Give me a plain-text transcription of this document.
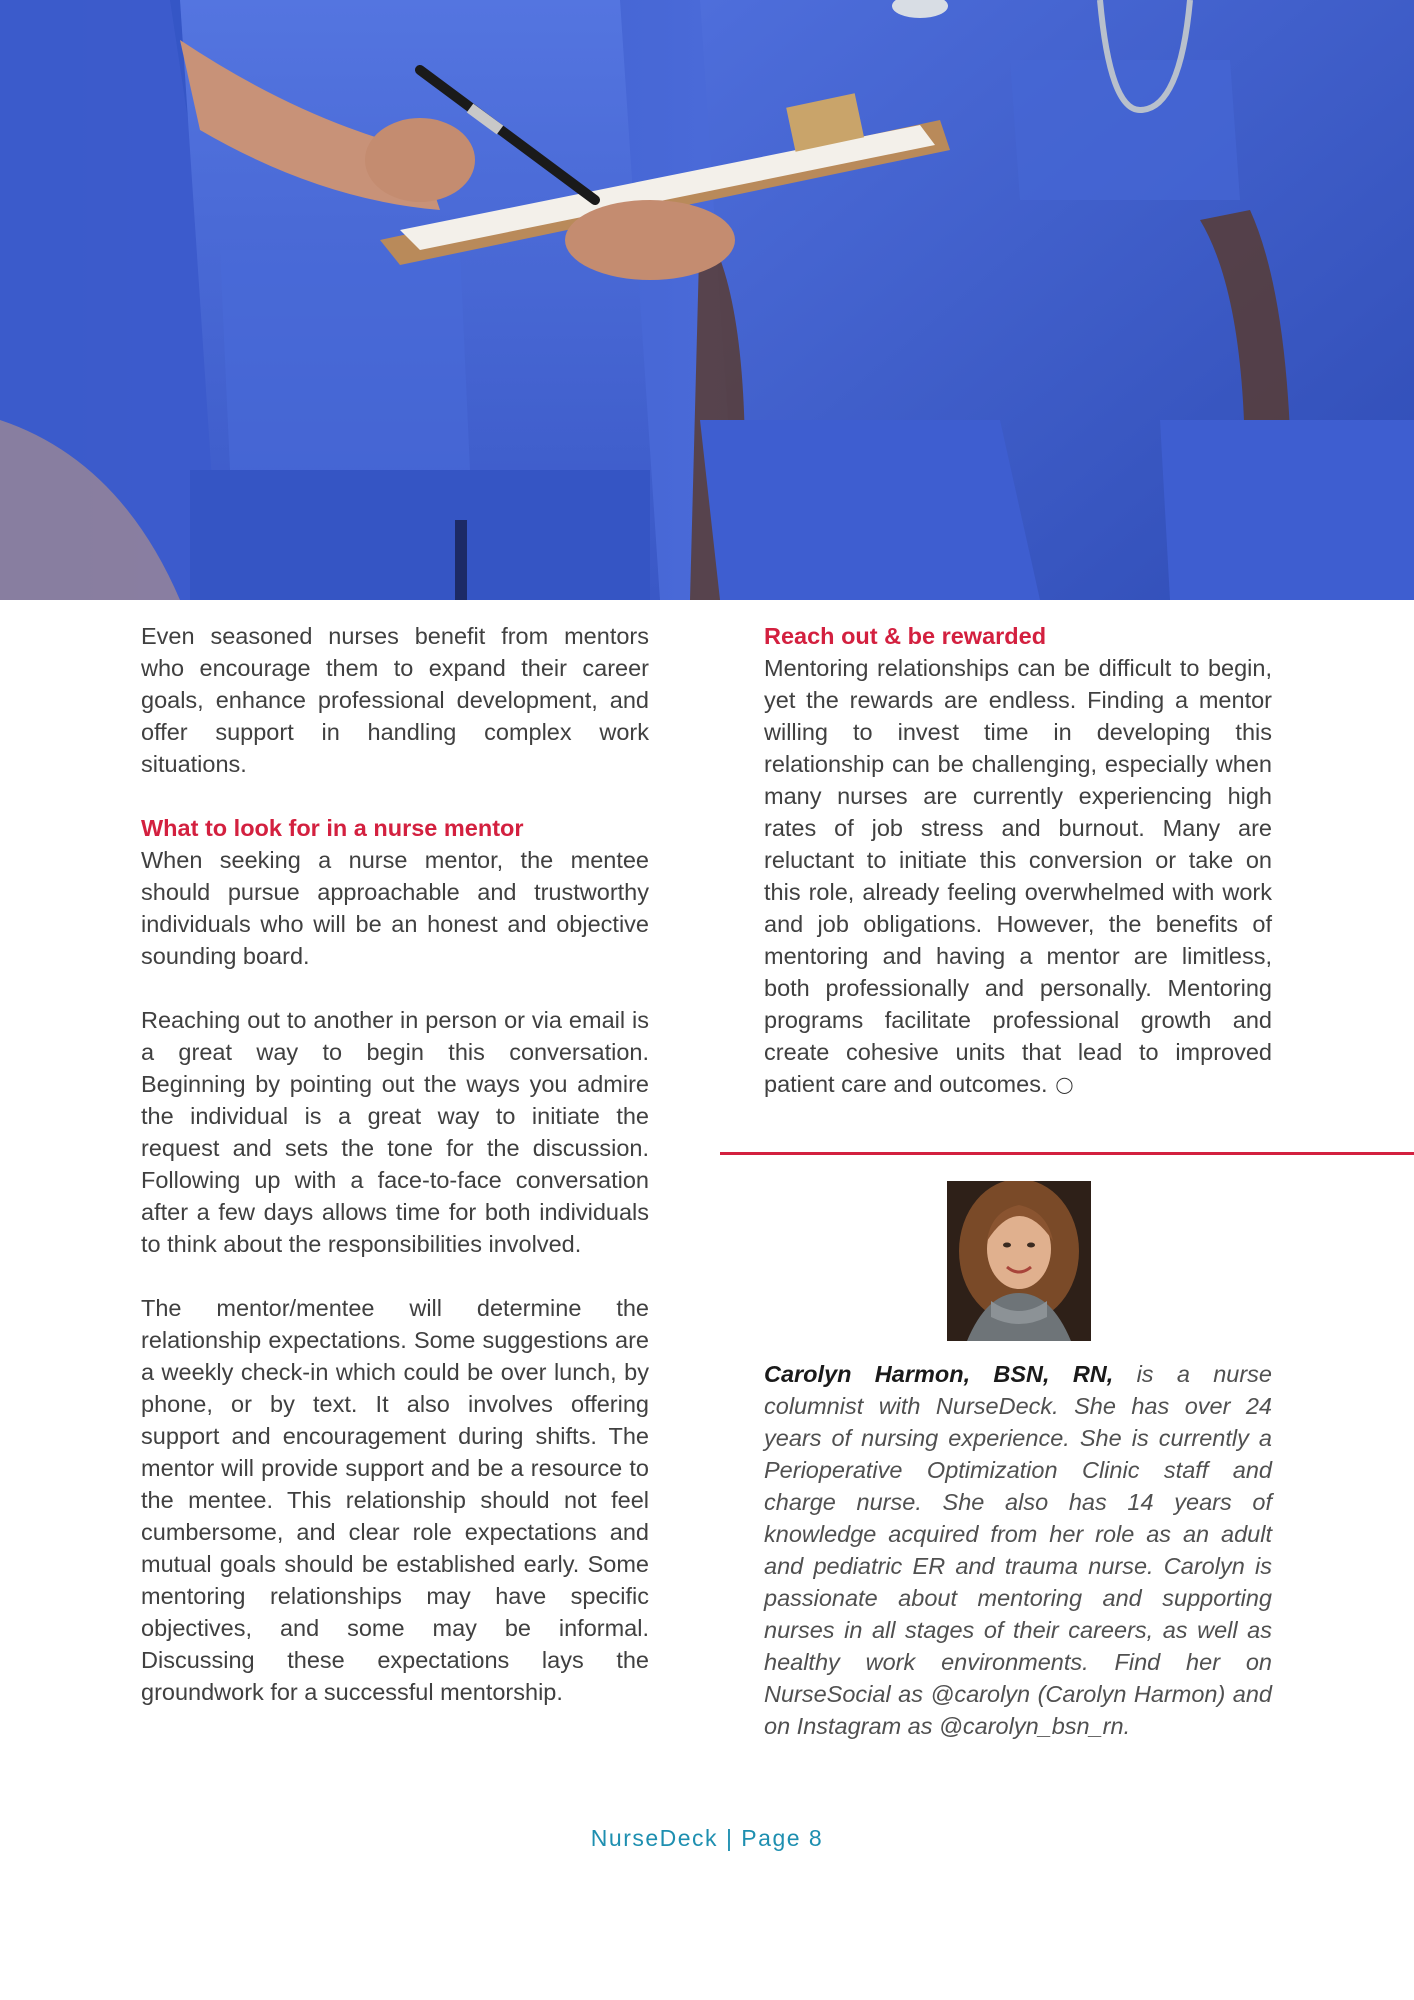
Even seasoned nurses benefit from mentors who encourage them to expand their career goals, enhance professional development, and offer support in handling complex work situations.

What to look for in a nurse mentor

When seeking a nurse mentor, the mentee should pursue approachable and trustworthy individuals who will be an honest and objective sounding board.

Reaching out to another in person or via email is a great way to begin this conversation. Beginning by pointing out the ways you admire the individual is a great way to initiate the request and sets the tone for the discussion. Following up with a face-to-face conversation after a few days allows time for both individuals to think about the responsibilities involved.

The mentor/mentee will determine the relationship expectations. Some suggestions are a weekly check-in which could be over lunch, by phone, or by text. It also involves offering support and encouragement during shifts. The mentor will provide support and be a resource to the mentee. This relationship should not feel cumbersome, and clear role expectations and mutual goals should be established early. Some mentoring relationships may have specific objectives, and some may be informal. Discussing these expectations lays the groundwork for a successful mentorship.

Reach out & be rewarded

Mentoring relationships can be difficult to begin, yet the rewards are endless. Finding a mentor willing to invest time in developing this relationship can be challenging, especially when many nurses are currently experiencing high rates of job stress and burnout. Many are reluctant to initiate this conversion or take on this role, already feeling overwhelmed with work and job obligations. However, the benefits of mentoring and having a mentor are limitless, both professionally and personally. Mentoring programs facilitate professional growth and create cohesive units that lead to improved patient care and outcomes. ◯

Carolyn Harmon, BSN, RN, is a nurse columnist with NurseDeck. She has over 24 years of nursing experience. She is currently a Perioperative Optimization Clinic staff and charge nurse. She also has 14 years of knowledge acquired from her role as an adult and pediatric ER and trauma nurse. Carolyn is passionate about mentoring and supporting nurses in all stages of their careers, as well as healthy work environments. Find her on NurseSocial as @carolyn (Carolyn Harmon) and on Instagram as @carolyn_bsn_rn.
NurseDeck | Page 8
